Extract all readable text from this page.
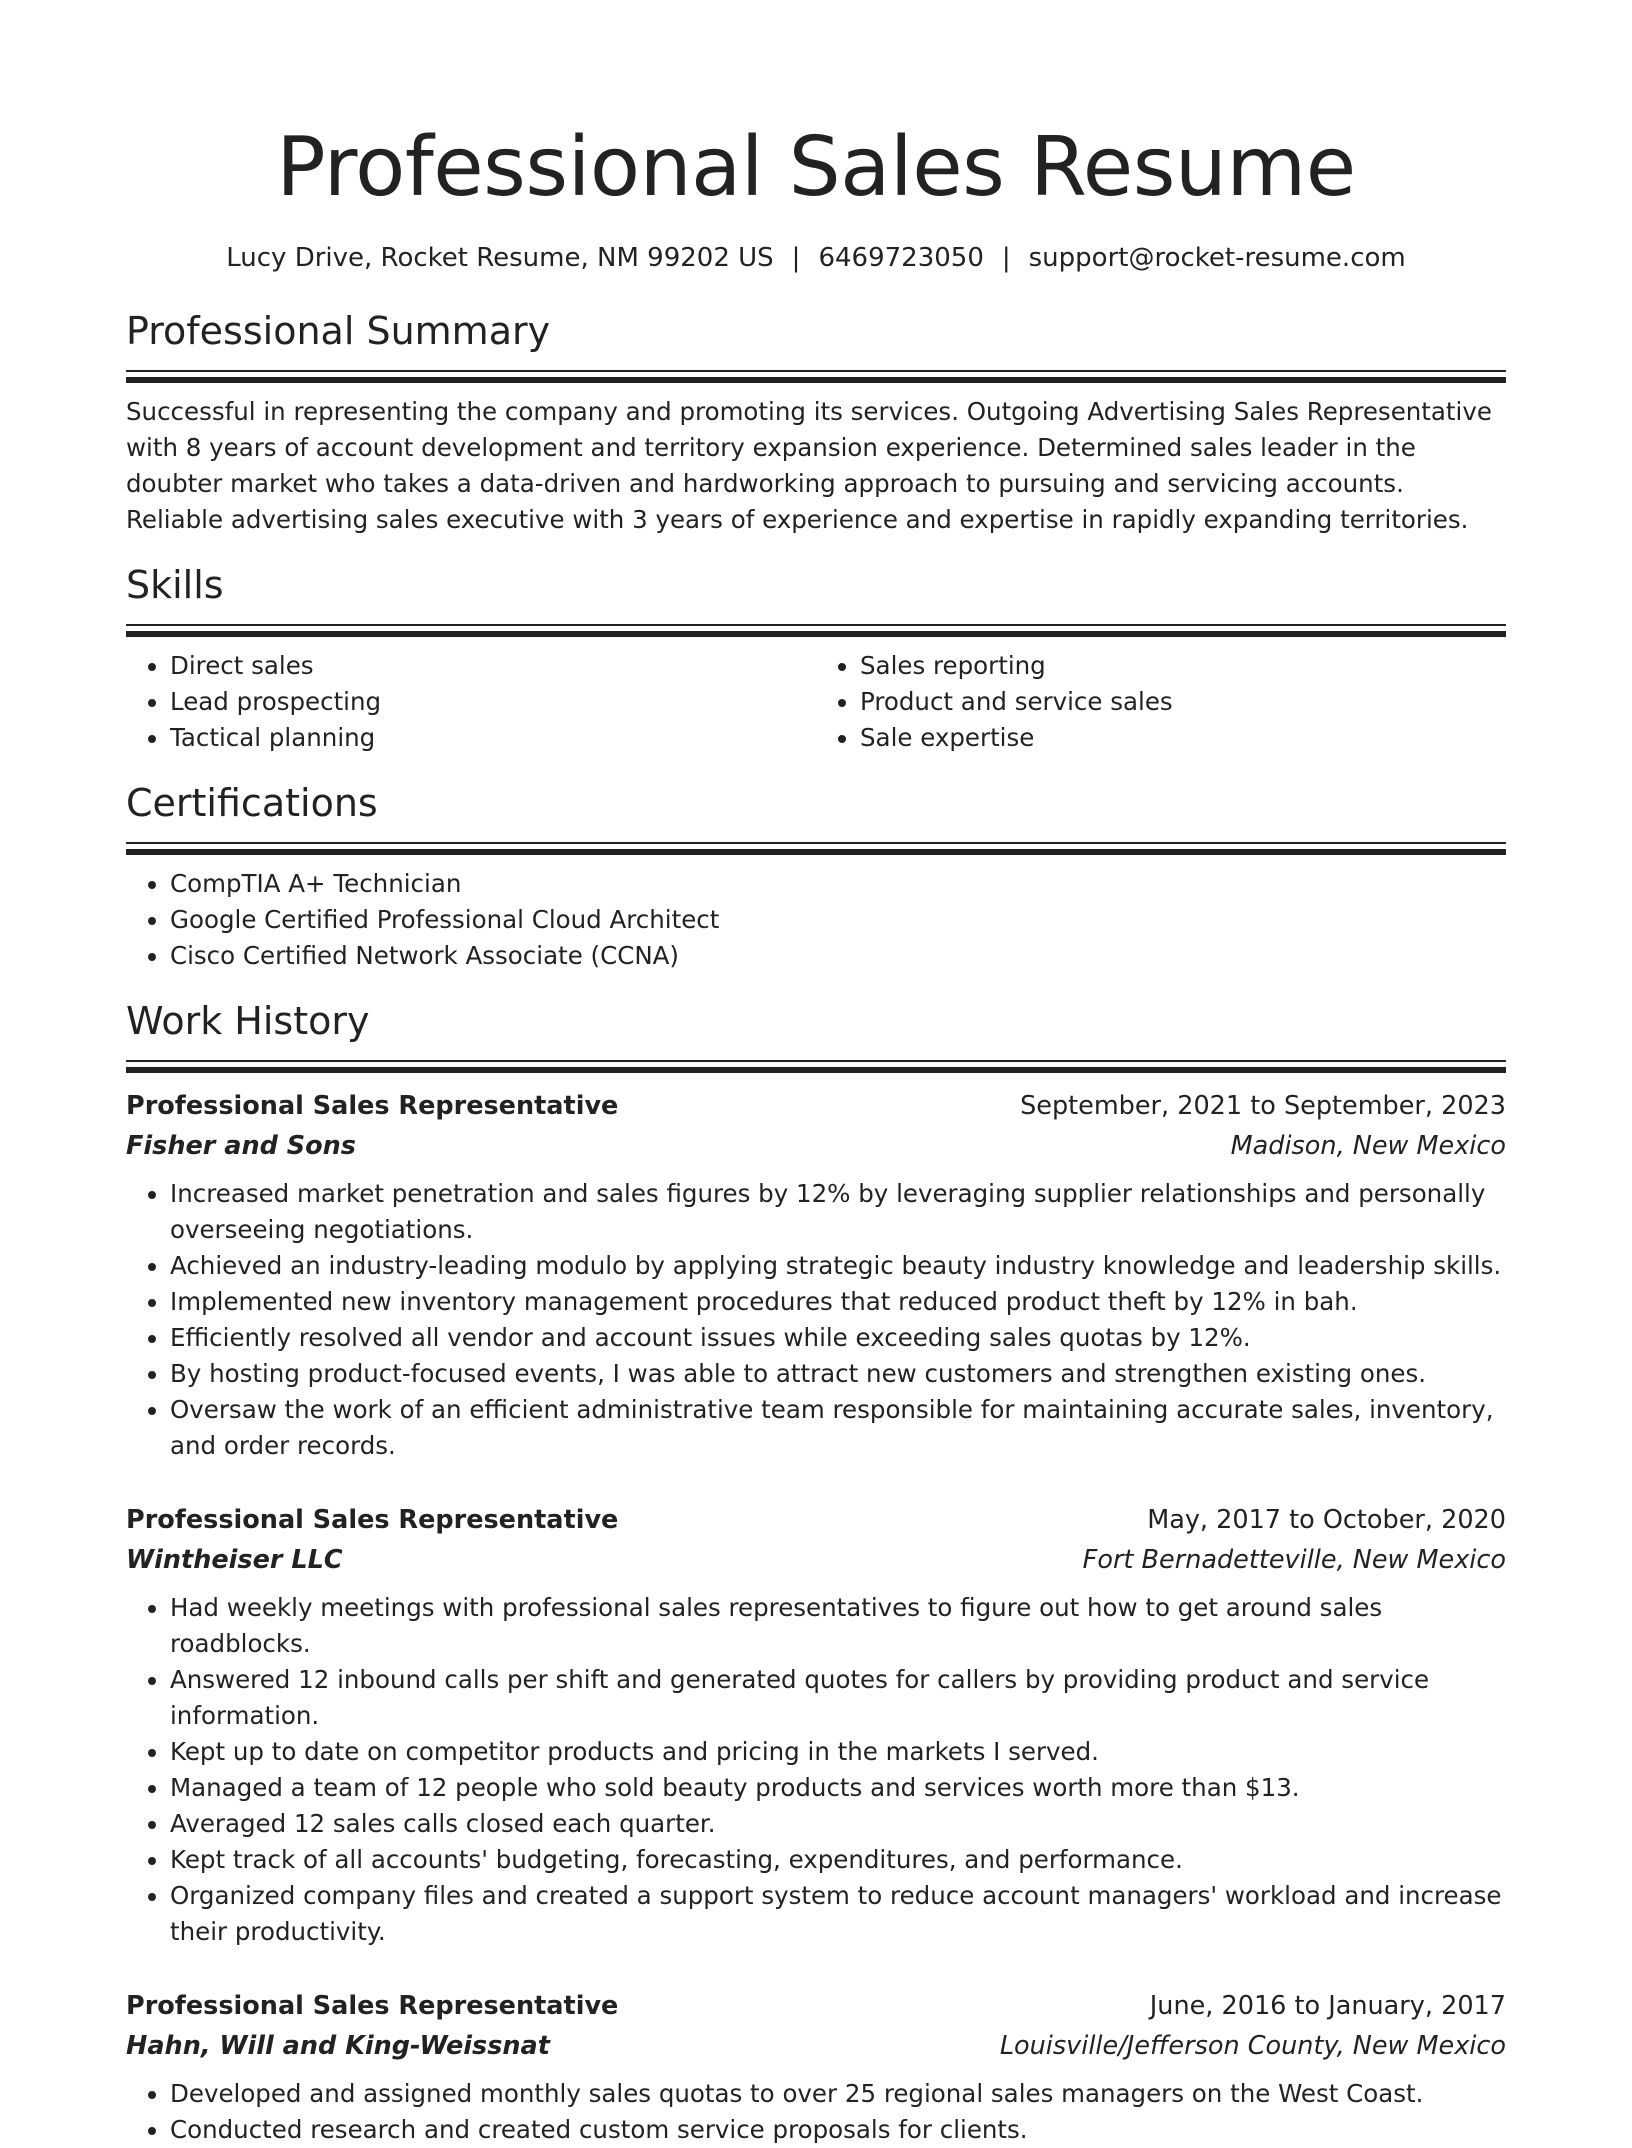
Professional Sales Resume
Lucy Drive, Rocket Resume, NM 99202 US | 6469723050 | support@rocket-resume.com
Professional Summary
Successful in representing the company and promoting its services. Outgoing Advertising Sales Representative with 8 years of account development and territory expansion experience. Determined sales leader in the doubter market who takes a data-driven and hardworking approach to pursuing and servicing accounts. Reliable advertising sales executive with 3 years of experience and expertise in rapidly expanding territories.
Skills
• Direct sales
• Lead prospecting
• Tactical planning
• Sales reporting
• Product and service sales
• Sale expertise
Certifications
• CompTIA A+ Technician
• Google Certified Professional Cloud Architect
• Cisco Certified Network Associate (CCNA)
Work History
Professional Sales Representative	September, 2021 to September, 2023
Fisher and Sons	Madison, New Mexico
• Increased market penetration and sales figures by 12% by leveraging supplier relationships and personally overseeing negotiations.
• Achieved an industry-leading modulo by applying strategic beauty industry knowledge and leadership skills.
• Implemented new inventory management procedures that reduced product theft by 12% in bah.
• Efficiently resolved all vendor and account issues while exceeding sales quotas by 12%.
• By hosting product-focused events, I was able to attract new customers and strengthen existing ones.
• Oversaw the work of an efficient administrative team responsible for maintaining accurate sales, inventory, and order records.
Professional Sales Representative	May, 2017 to October, 2020
Wintheiser LLC	Fort Bernadetteville, New Mexico
• Had weekly meetings with professional sales representatives to figure out how to get around sales roadblocks.
• Answered 12 inbound calls per shift and generated quotes for callers by providing product and service information.
• Kept up to date on competitor products and pricing in the markets I served.
• Managed a team of 12 people who sold beauty products and services worth more than $13.
• Averaged 12 sales calls closed each quarter.
• Kept track of all accounts' budgeting, forecasting, expenditures, and performance.
• Organized company files and created a support system to reduce account managers' workload and increase their productivity.
Professional Sales Representative	June, 2016 to January, 2017
Hahn, Will and King-Weissnat	Louisville/Jefferson County, New Mexico
• Developed and assigned monthly sales quotas to over 25 regional sales managers on the West Coast.
• Conducted research and created custom service proposals for clients.
